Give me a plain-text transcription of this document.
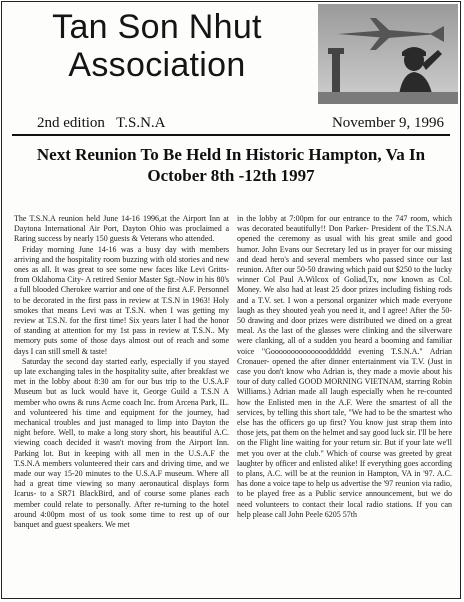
Tan Son Nhut
Association
2nd edition T.S.N.A	November 9, 1996
Next Reunion To Be Held In Historic Hampton, Va In
October 8th -12th 1997

The T.S.N.A reunion held June 14-16 1996,at the Airport Inn at Daytona International Air Port, Dayton Ohio was proclaimed a Raring success by nearly 150 guests & Veterans who attended.

Friday morning June 14-16 was a busy day with members arriving and the hospitality room buzzing with old stories and new ones as all. It was great to see some new faces like Levi Gritts-from Oklahoma City- A retired Senior Master Sgt.-Now in his 80's a full blooded Cherokee warrior and one of the first A.F. Personnel to be decorated in the first pass in review at T.S.N in 1963! Holy smokes that means Levi was at T.S.N. when I was getting my review at T.S.N. for the first time! Six years later I had the honor of standing at attention for my 1st pass in review at T.S.N.. My memory puts some of those days almost out of reach and some days I can still smell & taste!

Saturday the second day started early, especially if you stayed up late exchanging tales in the hospitality suite, after breakfast we met in the lobby about 8:30 am for our bus trip to the U.S.A.F Museum but as luck would have it, George Guild a T.S.N A member who owns & runs Acme coach Inc. from Arcena Park, IL. and volunteered his time and equipment for the journey, had mechanical troubles and just managed to limp into Dayton the night before. Well, to make a long story short, his beautiful A.C. viewing coach decided it wasn't moving from the Airport Inn. Parking lot. But in keeping with all men in the U.S.A.F the T.S.N.A members volunteered their cars and driving time, and we made our way 15-20 minutes to the U.S.A.F museum. Where all had a great time viewing so many aeronautical displays form Icarus- to a SR71 BlackBird, and of course some planes each member could relate to personally. After re-turning to the hotel around 4:00pm most of us took some time to rest up of our banquet and guest speakers. We met

in the lobby at 7:00pm for our entrance to the 747 room, which was decorated beautifully!! Don Parker- President of the T.S.N.A opened the ceremony as usual with his great smile and good humor. John Evans our Secretary led us in prayer for our missing and dead hero's and several members who passed since our last reunion. After our 50-50 drawing which paid out $250 to the lucky winner Col Paul A.Wilcox of Goliad,Tx, now known as Col. Money. We also had at least 25 door prizes including fishing rods and a T.V. set. I won a personal organizer which made everyone laugh as they shouted yeah you need it, and I agree! After the 50-50 drawing and door prizes were distributed we dined on a great meal. As the last of the glasses were clinking and the silverware were clanking, all of a sudden you heard a booming and familiar voice "Goooooooooooooodddddd evening T.S.N.A." Adrian Cronauer- opened the after dinner entertainment via T.V. (Just in case you don't know who Adrian is, they made a movie about his tour of duty called GOOD MORNING VIETNAM, starring Robin Williams.) Adrian made all laugh especially when he re-counted how the Enlisted men in the A.F. Were the smartest of all the services, by telling this short tale, "We had to be the smartest who else has the officers go up first? You know just strap them into those jets, pat them on the helmet and say good luck sir. I'll be here on the Flight line waiting for your return sir. But if your late we'll met you over at the club." Which of course was greeted by great laughter by officer and enlisted alike! If everything goes according to plans, A.C. will be at the reunion in Hampton, VA in '97. A.C. has done a voice tape to help us advertise the '97 reunion via radio, to be played free as a Public service announcement, but we do need volunteers to contact their local radio stations. If you can help please call John Peele 6205 57th
